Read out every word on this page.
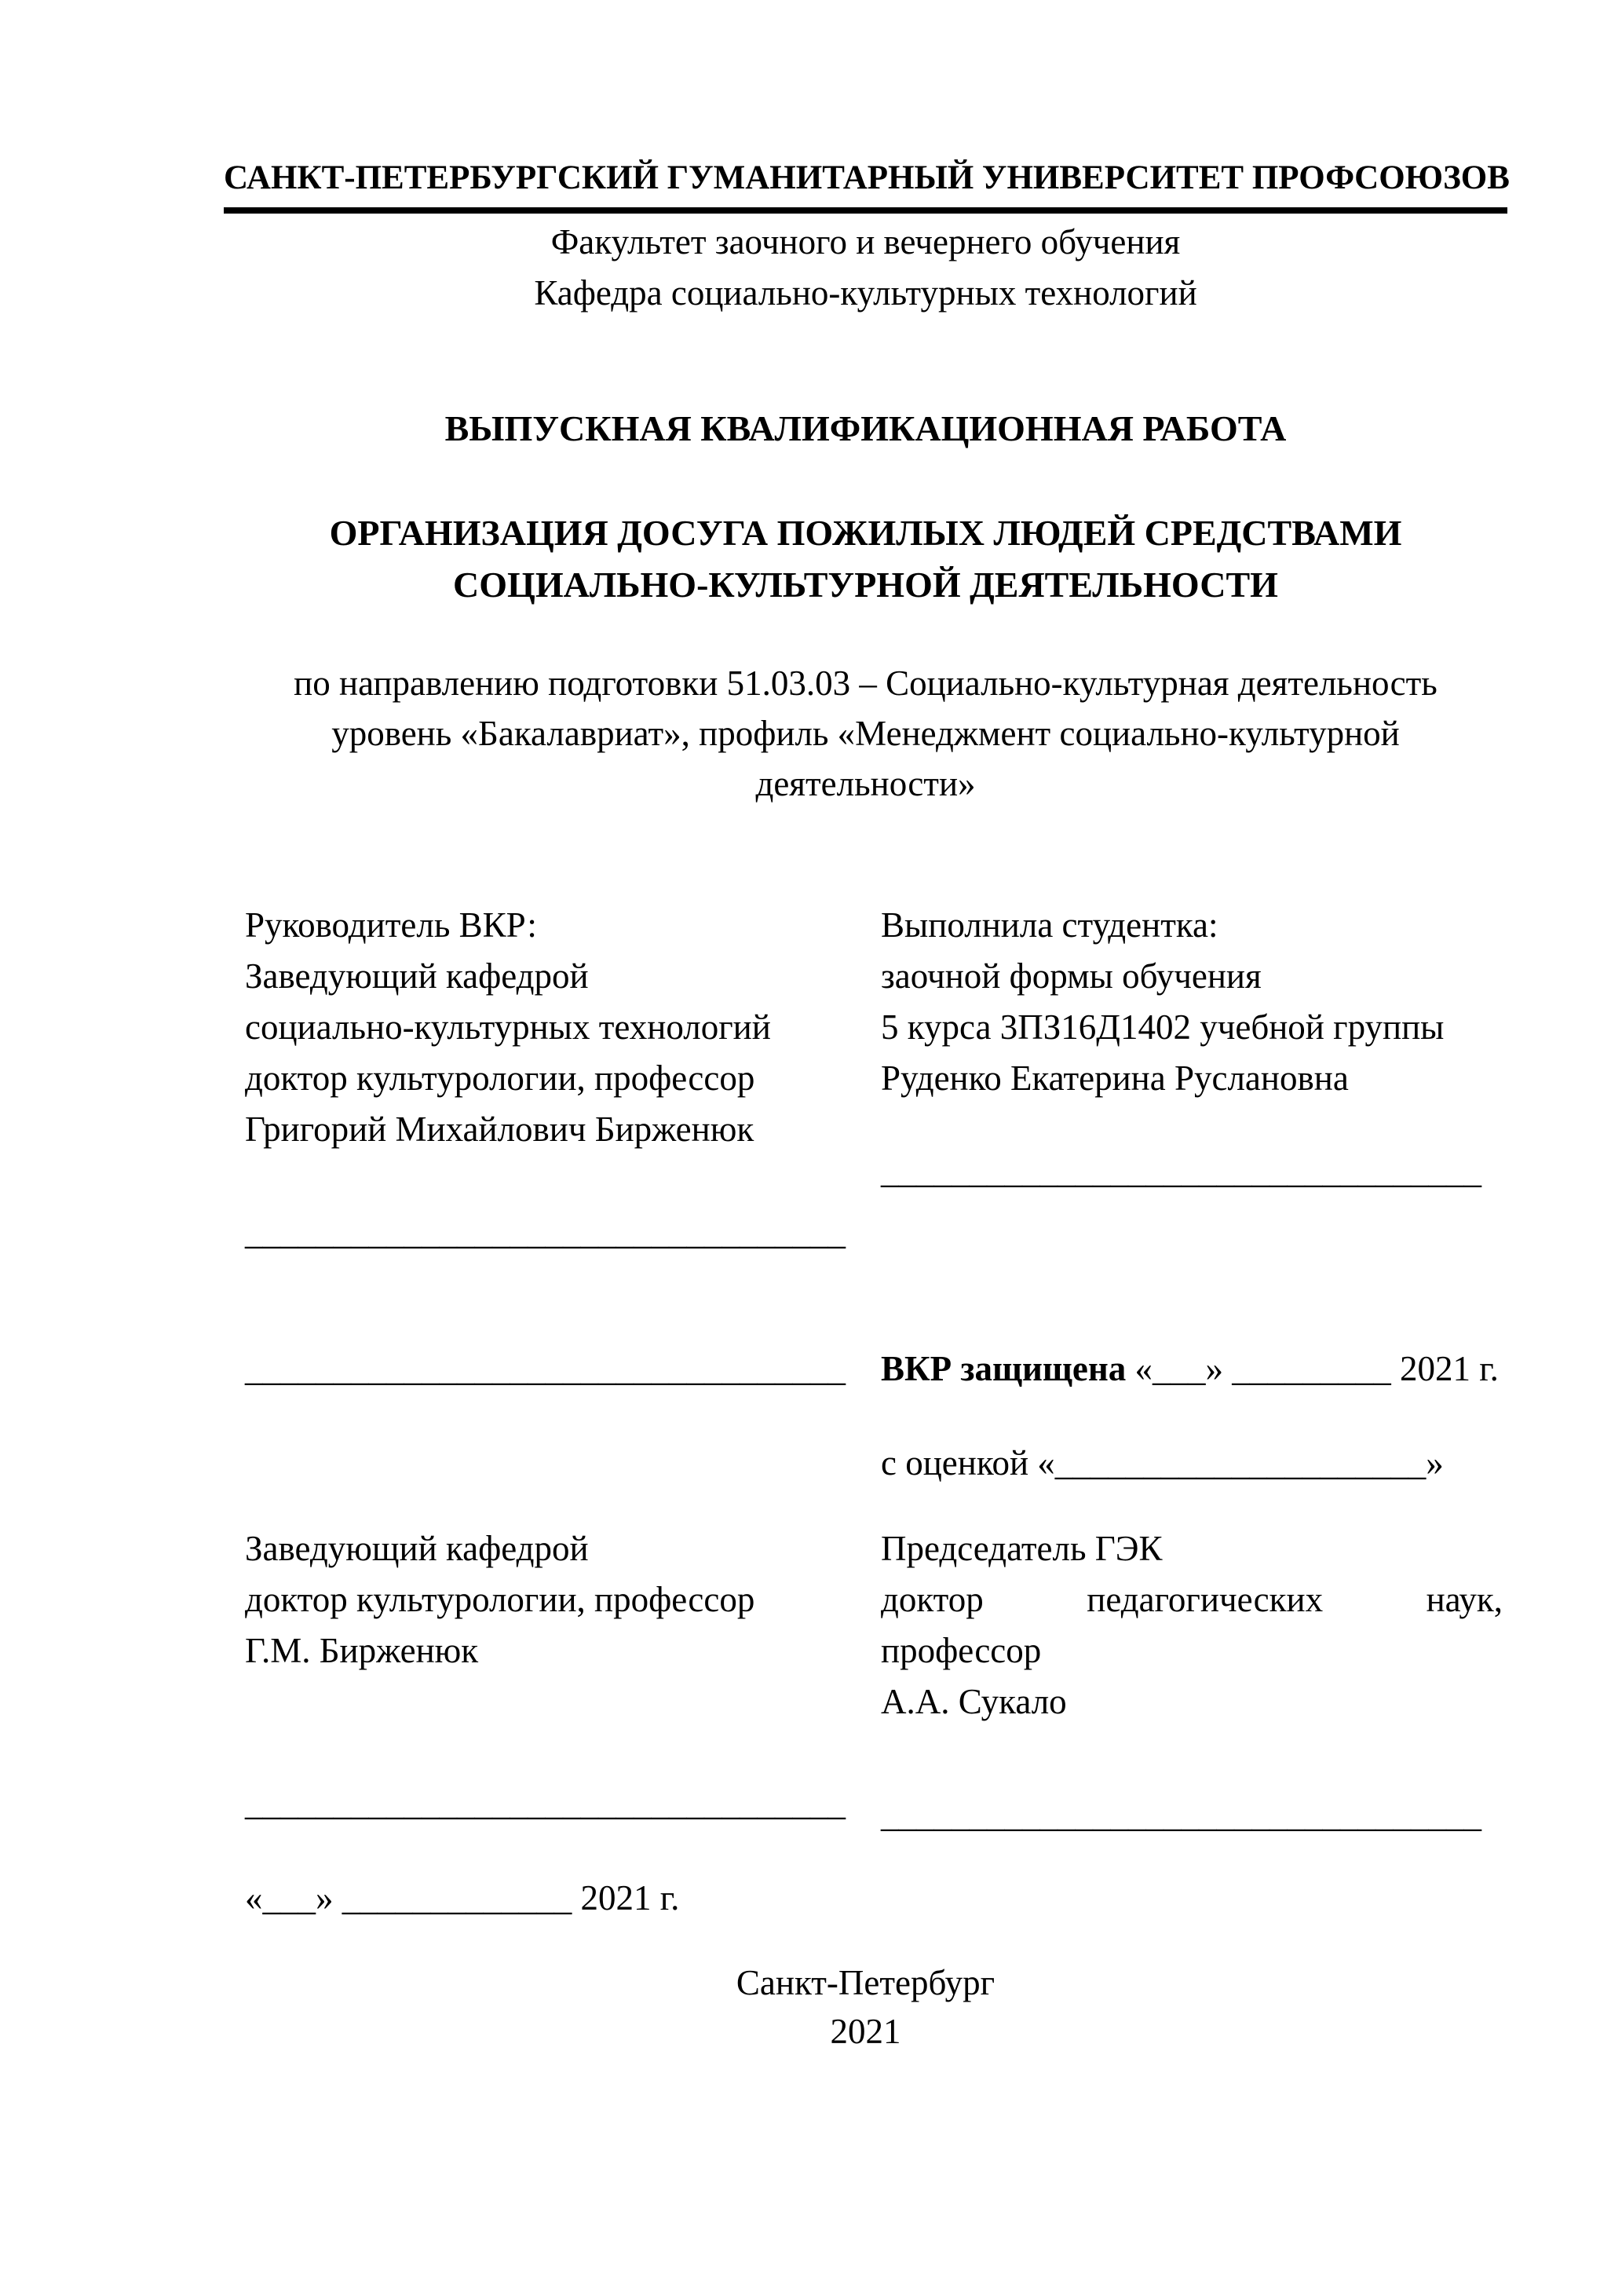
САНКТ-ПЕТЕРБУРГСКИЙ ГУМАНИТАРНЫЙ УНИВЕРСИТЕТ ПРОФСОЮЗОВ
Факультет заочного и вечернего обучения
Кафедра социально-культурных технологий
ВЫПУСКНАЯ КВАЛИФИКАЦИОННАЯ РАБОТА
ОРГАНИЗАЦИЯ ДОСУГА ПОЖИЛЫХ ЛЮДЕЙ СРЕДСТВАМИ
СОЦИАЛЬНО-КУЛЬТУРНОЙ ДЕЯТЕЛЬНОСТИ
по направлению подготовки 51.03.03 – Социально-культурная деятельность
уровень «Бакалавриат», профиль «Менеджмент социально-культурной
деятельности»
Руководитель ВКР:
Заведующий кафедрой
социально-культурных технологий
доктор культурологии, профессор
Григорий Михайлович Бирженюк
Выполнила студентка:
заочной формы обучения
5 курса 3ПЗ16Д1402 учебной группы
Руденко Екатерина Руслановна
__________________________________
__________________________________
__________________________________ ВКР защищена «___» _________ 2021 г.
с оценкой «_____________________»
Заведующий кафедрой
доктор культурологии, профессор
Г.М. Бирженюк
Председатель ГЭК
доктор педагогических наук,
профессор
А.А. Сукало
__________________________________ __________________________________
«___» _____________ 2021 г.
Санкт-Петербург
2021
